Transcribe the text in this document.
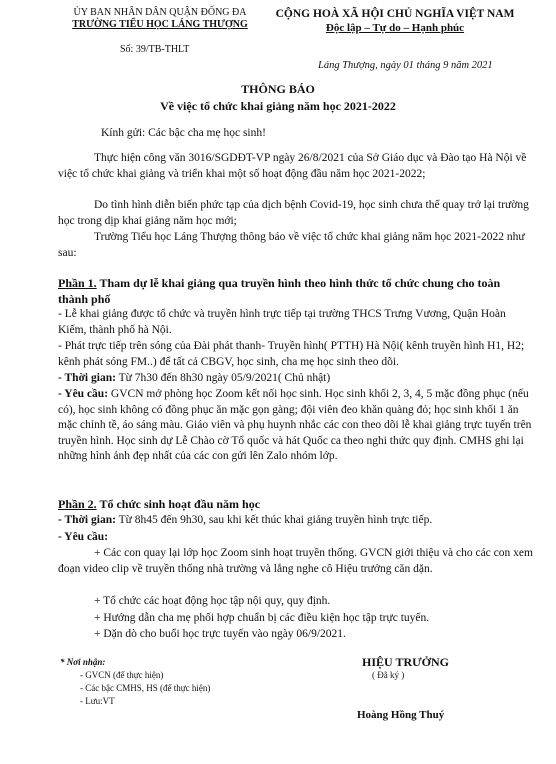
ỦY BAN NHÂN DÂN QUẬN ĐỐNG ĐA
TRƯỜNG TIỂU HỌC LÁNG THƯỢNG
CỘNG HOÀ XÃ HỘI CHỦ NGHĨA VIỆT NAM
Độc lập – Tự do – Hạnh phúc
Số: 39/TB-THLT
Láng Thượng, ngày 01 tháng 9 năm 2021
THÔNG BÁO
Về việc tổ chức khai giảng năm học 2021-2022
Kính gửi: Các bậc cha mẹ học sinh!
Thực hiện công văn 3016/SGDĐT-VP ngày 26/8/2021 của Sở Giáo dục và Đào tạo Hà Nội về việc tổ chức khai giảng và triển khai một số hoạt động đầu năm học 2021-2022;
Do tình hình diễn biến phức tạp của dịch bệnh Covid-19, học sinh chưa thể quay trở lại trường học trong dịp khai giảng năm học mới;
Trường Tiểu học Láng Thượng thông báo về việc tổ chức khai giảng năm học 2021-2022 như sau:
Phần 1. Tham dự lễ khai giảng qua truyền hình theo hình thức tổ chức chung cho toàn thành phố
- Lễ khai giảng được tổ chức và truyền hình trực tiếp tại trường THCS Trưng Vương, Quận Hoàn Kiếm, thành phố hà Nội.
- Phát trực tiếp trên sóng của Đài phát thanh- Truyền hình( PTTH) Hà Nội( kênh truyền hình H1, H2; kênh phát sóng FM..) để tất cả CBGV, học sinh, cha mẹ học sinh theo dõi.
- Thời gian: Từ 7h30 đến 8h30 ngày 05/9/2021( Chủ nhật)
- Yêu cầu: GVCN mở phòng học Zoom kết nối học sinh. Học sinh khối 2, 3, 4, 5 mặc đồng phục (nếu có), học sinh không có đồng phục ăn mặc gọn gàng; đội viên đeo khăn quàng đỏ; học sinh khối 1 ăn mặc chỉnh tề, áo sáng màu. Giáo viên và phụ huynh nhắc các con theo dõi lễ khai giảng trực tuyến trên truyền hình. Học sinh dự Lễ Chào cờ Tổ quốc và hát Quốc ca theo nghi thức quy định. CMHS ghi lại những hình ảnh đẹp nhất của các con gửi lên Zalo nhóm lớp.
Phần 2. Tổ chức sinh hoạt đầu năm học
- Thời gian: Từ 8h45 đến 9h30, sau khi kết thúc khai giảng truyền hình trực tiếp.
- Yêu cầu:
+ Các con quay lại lớp học Zoom sinh hoạt truyền thống. GVCN giới thiệu và cho các con xem đoạn video clip về truyền thống nhà trường và lắng nghe cô Hiệu trưởng căn dặn.
+ Tổ chức các hoạt động học tập nội quy, quy định.
+ Hướng dẫn cha mẹ phối hợp chuẩn bị các điều kiện học tập trực tuyến.
+ Dặn dò cho buổi học trực tuyến vào ngày 06/9/2021.
* Nơi nhận:
- GVCN (để thực hiện)
- Các bậc CMHS, HS (để thực hiện)
- Lưu:VT
HIỆU TRƯỞNG
( Đã ký )
Hoàng Hồng Thuý
